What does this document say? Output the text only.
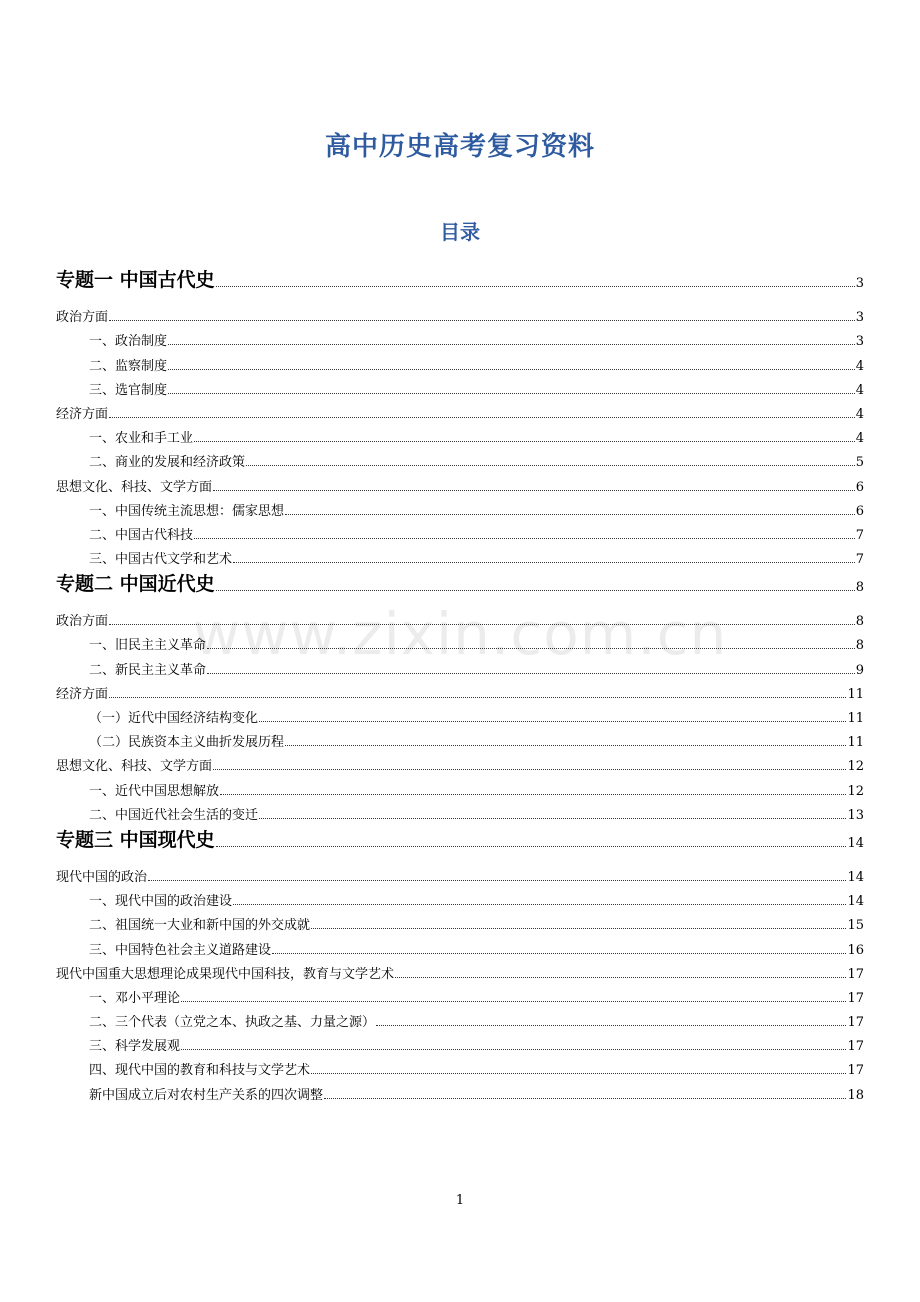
高中历史高考复习资料
目录
www.zixin.com.cn
专题一 中国古代史	3
政治方面	3
一、政治制度	3
二、监察制度	4
三、选官制度	4
经济方面	4
一、农业和手工业	4
二、商业的发展和经济政策	5
思想文化、科技、文学方面	6
一、中国传统主流思想：儒家思想	6
二、中国古代科技	7
三、中国古代文学和艺术	7
专题二 中国近代史	8
政治方面	8
一、旧民主主义革命	8
二、新民主主义革命	9
经济方面	11
（一）近代中国经济结构变化	11
（二）民族资本主义曲折发展历程	11
思想文化、科技、文学方面	12
一、近代中国思想解放	12
二、中国近代社会生活的变迁	13
专题三 中国现代史	14
现代中国的政治	14
一、现代中国的政治建设	14
二、祖国统一大业和新中国的外交成就	15
三、中国特色社会主义道路建设	16
现代中国重大思想理论成果现代中国科技，教育与文学艺术	17
一、邓小平理论	17
二、三个代表（立党之本、执政之基、力量之源）	17
三、科学发展观	17
四、现代中国的教育和科技与文学艺术	17
新中国成立后对农村生产关系的四次调整	18
1
